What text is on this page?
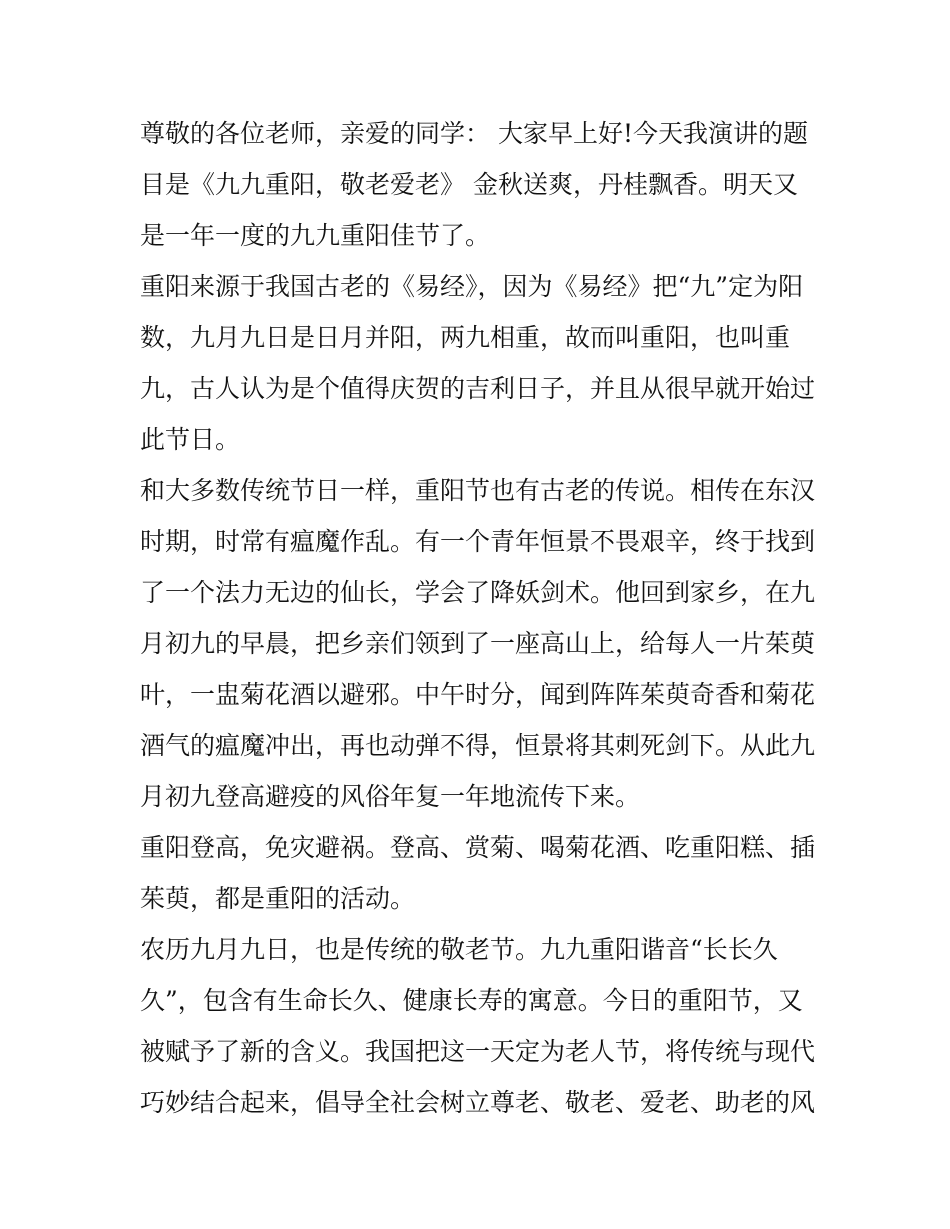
尊敬的各位老师，亲爱的同学： 大家早上好!今天我演讲的题
目是《九九重阳，敬老爱老》 金秋送爽，丹桂飘香。明天又
是一年一度的九九重阳佳节了。
重阳来源于我国古老的《易经》，因为《易经》把“九”定为阳
数，九月九日是日月并阳，两九相重，故而叫重阳，也叫重
九，古人认为是个值得庆贺的吉利日子，并且从很早就开始过
此节日。
和大多数传统节日一样，重阳节也有古老的传说。相传在东汉
时期，时常有瘟魔作乱。有一个青年恒景不畏艰辛，终于找到
了一个法力无边的仙长，学会了降妖剑术。他回到家乡，在九
月初九的早晨，把乡亲们领到了一座高山上，给每人一片茱萸
叶，一盅菊花酒以避邪。中午时分，闻到阵阵茱萸奇香和菊花
酒气的瘟魔冲出，再也动弹不得，恒景将其刺死剑下。从此九
月初九登高避疫的风俗年复一年地流传下来。
重阳登高，免灾避祸。登高、赏菊、喝菊花酒、吃重阳糕、插
茱萸，都是重阳的活动。
农历九月九日，也是传统的敬老节。九九重阳谐音“长长久
久”，包含有生命长久、健康长寿的寓意。今日的重阳节，又
被赋予了新的含义。我国把这一天定为老人节，将传统与现代
巧妙结合起来，倡导全社会树立尊老、敬老、爱老、助老的风
